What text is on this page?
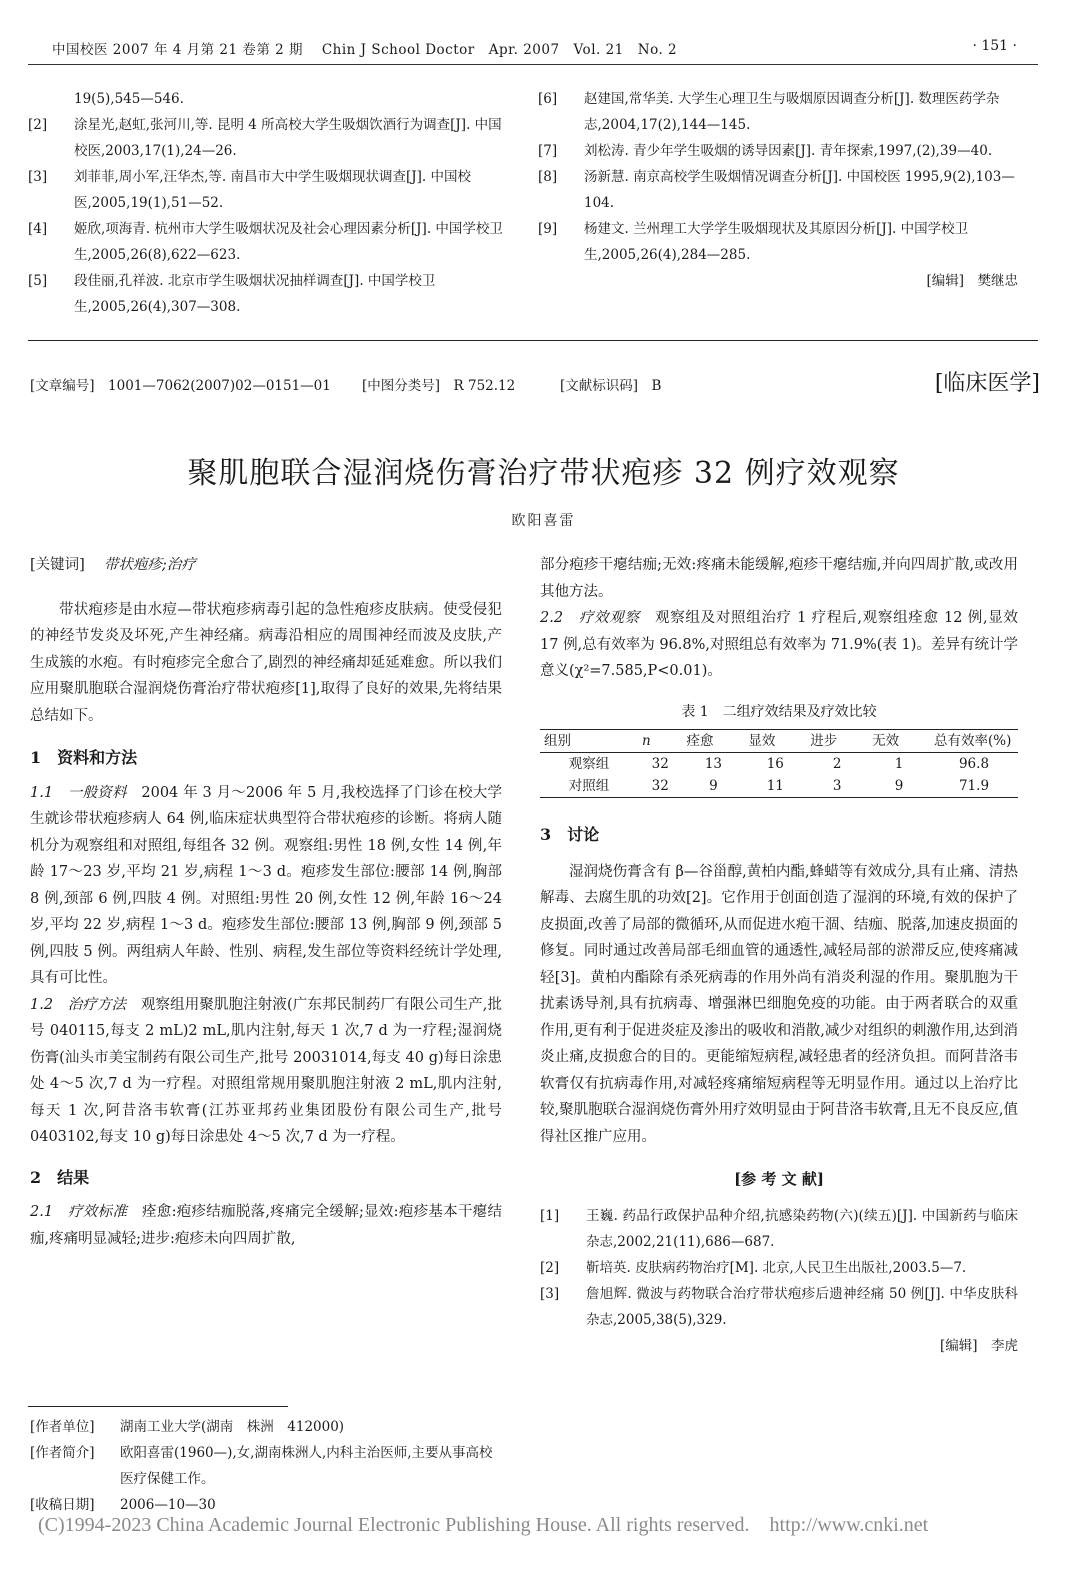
中国校医 2007 年 4 月第 21 卷第 2 期　 Chin J School Doctor　Apr. 2007　Vol. 21　No. 2	· 151 ·
19(5),545—546.
[2] 涂星光,赵虹,张河川,等. 昆明 4 所高校大学生吸烟饮酒行为调查[J]. 中国校医,2003,17(1),24—26.
[3] 刘菲菲,周小军,汪华杰,等. 南昌市大中学生吸烟现状调查[J]. 中国校医,2005,19(1),51—52.
[4] 姬欣,项海青. 杭州市大学生吸烟状况及社会心理因素分析[J]. 中国学校卫生,2005,26(8),622—623.
[5] 段佳丽,孔祥波. 北京市学生吸烟状况抽样调查[J]. 中国学校卫生,2005,26(4),307—308.
[6] 赵建国,常华美. 大学生心理卫生与吸烟原因调查分析[J]. 数理医药学杂志,2004,17(2),144—145.
[7] 刘松涛. 青少年学生吸烟的诱导因素[J]. 青年探索,1997,(2),39—40.
[8] 汤新慧. 南京高校学生吸烟情况调查分析[J]. 中国校医 1995,9(2),103—104.
[9] 杨建文. 兰州理工大学学生吸烟现状及其原因分析[J]. 中国学校卫生,2005,26(4),284—285.
[编辑]　樊继忠
[文章编号]　1001—7062(2007)02—0151—01 [中图分类号]　R 752.12	[文献标识码]　B	[临床医学]
聚肌胞联合湿润烧伤膏治疗带状疱疹 32 例疗效观察
欧阳喜雷

[关键词]　 带状疱疹;治疗

带状疱疹是由水痘—带状疱疹病毒引起的急性疱疹皮肤病。使受侵犯的神经节发炎及坏死,产生神经痛。病毒沿相应的周围神经而波及皮肤,产生成簇的水疱。有时疱疹完全愈合了,剧烈的神经痛却延延难愈。所以我们应用聚肌胞联合湿润烧伤膏治疗带状疱疹[1],取得了良好的效果,先将结果总结如下。

1　资料和方法

1.1　一般资料　2004 年 3 月～2006 年 5 月,我校选择了门诊在校大学生就诊带状疱疹病人 64 例,临床症状典型符合带状疱疹的诊断。将病人随机分为观察组和对照组,每组各 32 例。观察组:男性 18 例,女性 14 例,年龄 17～23 岁,平均 21 岁,病程 1～3 d。疱疹发生部位:腰部 14 例,胸部 8 例,颈部 6 例,四肢 4 例。对照组:男性 20 例,女性 12 例,年龄 16～24 岁,平均 22 岁,病程 1～3 d。疱疹发生部位:腰部 13 例,胸部 9 例,颈部 5 例,四肢 5 例。两组病人年龄、性别、病程,发生部位等资料经统计学处理,具有可比性。

1.2　治疗方法　观察组用聚肌胞注射液(广东邦民制药厂有限公司生产,批号 040115,每支 2 mL)2 mL,肌内注射,每天 1 次,7 d 为一疗程;湿润烧伤膏(汕头市美宝制药有限公司生产,批号 20031014,每支 40 g)每日涂患处 4～5 次,7 d 为一疗程。对照组常规用聚肌胞注射液 2 mL,肌内注射,每天 1 次,阿昔洛韦软膏(江苏亚邦药业集团股份有限公司生产,批号 0403102,每支 10 g)每日涂患处 4～5 次,7 d 为一疗程。

2　结果

2.1　疗效标准　痊愈:疱疹结痂脱落,疼痛完全缓解;显效:疱疹基本干瘪结痂,疼痛明显减轻;进步:疱疹未向四周扩散,

[作者单位] 湖南工业大学(湖南　株洲　412000)
[作者简介] 欧阳喜雷(1960—),女,湖南株洲人,内科主治医师,主要从事高校医疗保健工作。
[收稿日期] 2006—10—30

部分疱疹干瘪结痂;无效:疼痛未能缓解,疱疹干瘪结痂,并向四周扩散,或改用其他方法。

2.2　疗效观察　观察组及对照组治疗 1 疗程后,观察组痊愈 12 例,显效 17 例,总有效率为 96.8%,对照组总有效率为 71.9%(表 1)。差异有统计学意义(χ²=7.585,P<0.01)。

表 1　二组疗效结果及疗效比较
组别	n	痊愈	显效	进步	无效	总有效率(%)
观察组	32	13	16	2	1	96.8
对照组	32	9	11	3	9	71.9

3　讨论

湿润烧伤膏含有 β—谷甾醇,黄柏内酯,蜂蜡等有效成分,具有止痛、清热解毒、去腐生肌的功效[2]。它作用于创面创造了湿润的环境,有效的保护了皮损面,改善了局部的微循环,从而促进水疱干涸、结痂、脱落,加速皮损面的修复。同时通过改善局部毛细血管的通透性,减轻局部的淤滞反应,使疼痛减轻[3]。黄柏内酯除有杀死病毒的作用外尚有消炎利湿的作用。聚肌胞为干扰素诱导剂,具有抗病毒、增强淋巴细胞免疫的功能。由于两者联合的双重作用,更有利于促进炎症及渗出的吸收和消散,减少对组织的刺激作用,达到消炎止痛,皮损愈合的目的。更能缩短病程,减轻患者的经济负担。而阿昔洛韦软膏仅有抗病毒作用,对减轻疼痛缩短病程等无明显作用。通过以上治疗比较,聚肌胞联合湿润烧伤膏外用疗效明显由于阿昔洛韦软膏,且无不良反应,值得社区推广应用。

[参 考 文 献]
[1] 王巍. 药品行政保护品种介绍,抗感染药物(六)(续五)[J]. 中国新药与临床杂志,2002,21(11),686—687.
[2] 靳培英. 皮肤病药物治疗[M]. 北京,人民卫生出版社,2003.5—7.
[3] 詹旭辉. 微波与药物联合治疗带状疱疹后遗神经痛 50 例[J]. 中华皮肤科杂志,2005,38(5),329.
[编辑]　李虎
(C)1994-2023 China Academic Journal Electronic Publishing House. All rights reserved.　http://www.cnki.net
